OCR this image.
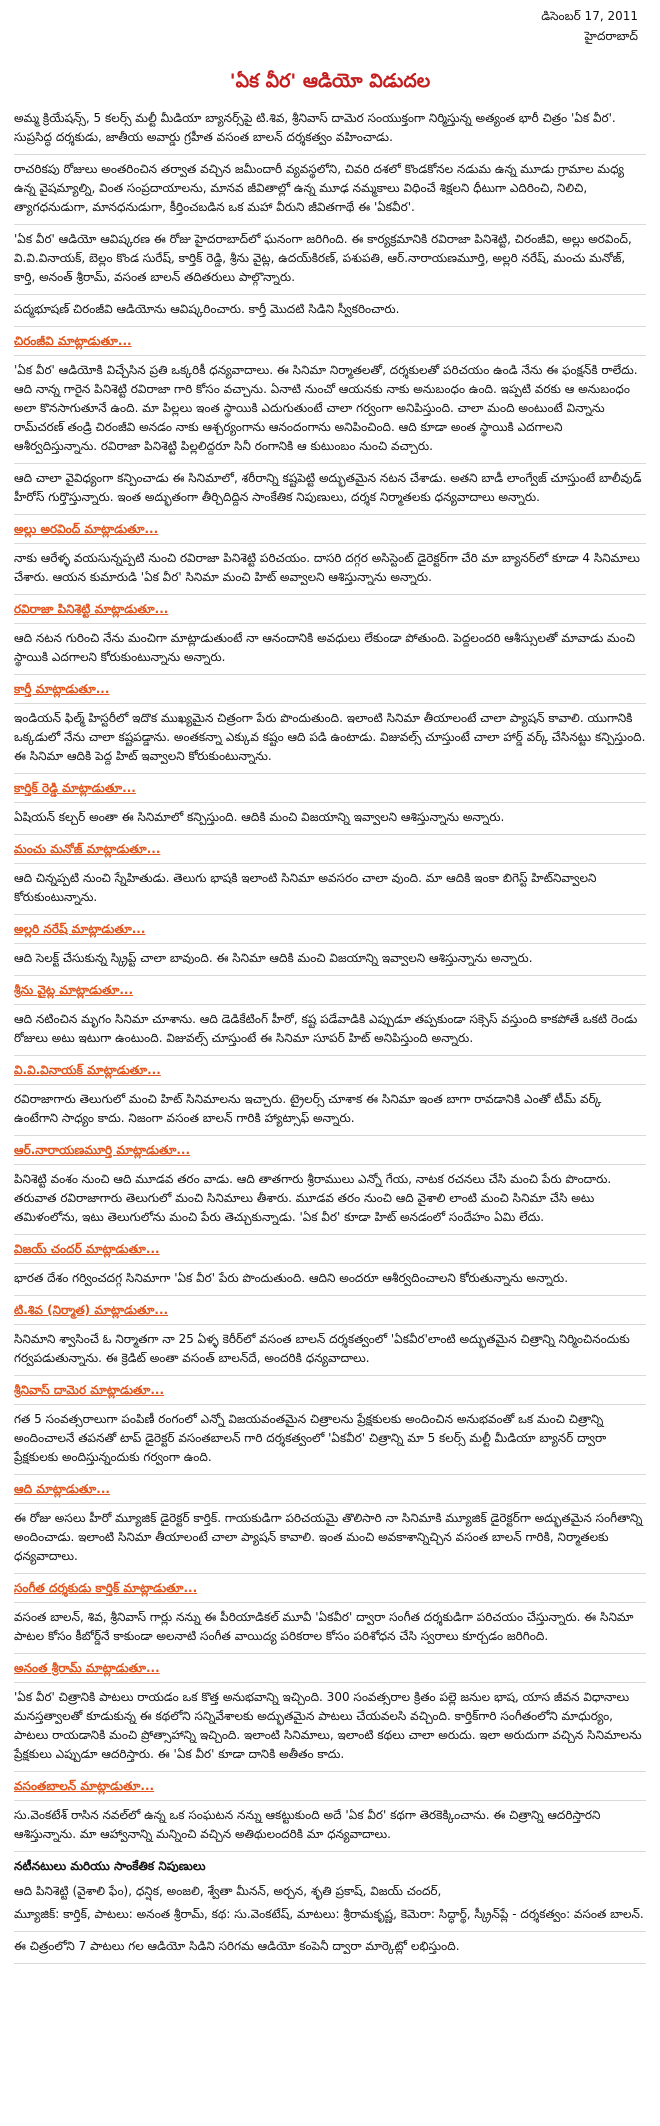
డిసెంబర్ 17, 2011
హైదరాబాద్
'ఏక వీర' ఆడియో విడుదల

అమ్మ క్రియేషన్స్, 5 కలర్స్ మల్టీ మీడియా బ్యానర్స్‌పై టి.శివ, శ్రీనివాస్ దామెర సంయుక్తంగా నిర్మిస్తున్న అత్యంత భారీ చిత్రం 'ఏక వీర'. సుప్రసిద్ధ దర్శకుడు, జాతీయ అవార్డు గ్రహీత వసంత బాలన్ దర్శకత్వం వహించాడు.

రాచరికపు రోజులు అంతరించిన తర్వాత వచ్చిన జమీందారీ వ్యవస్థలోని, చివరి దశలో కొండకోనల నడుమ ఉన్న మూడు గ్రామాల మధ్య ఉన్న వైషమ్యాల్ని, వింత సంప్రదాయాలను, మానవ జీవితాల్లో ఉన్న మూఢ నమ్మకాలు విధించే శిక్షలని ధీటుగా ఎదిరించి, నిలిచి, త్యాగధనుడుగా, మానధనుడుగా, కీర్తించబడిన ఒక మహా వీరుని జీవితగాథే ఈ 'ఏకవీర'.

'ఏక వీర' ఆడియో ఆవిష్కరణ ఈ రోజు హైదరాబాద్‌లో ఘనంగా జరిగింది. ఈ కార్యక్రమానికి రవిరాజా పినిశెట్టి, చిరంజీవి, అల్లు అరవింద్, వి.వి.వినాయక్, బెల్లం కొండ సురేష్, కార్తిక్ రెడ్డి, శ్రీను వైట్ల, ఉదయ్‌కిరణ్, పశుపతి, ఆర్.నారాయణమూర్తి, అల్లరి నరేష్, మంచు మనోజ్, కార్తి, అనంత్ శ్రీరామ్, వసంత బాలన్ తదితరులు పాల్గొన్నారు.

పద్మభూషణ్ చిరంజీవి ఆడియోను ఆవిష్కరించారు. కార్తీ మొదటి సిడిని స్వీకరించారు.

చిరంజీవి మాట్లాడుతూ...

'ఏక వీర' ఆడియోకి విచ్చేసిన ప్రతి ఒక్కరికీ ధన్యవాదాలు. ఈ సినిమా నిర్మాతలతో, దర్శకులతో పరిచయం ఉండి నేను ఈ ఫంక్షన్‌కి రాలేదు. ఆది నాన్న గారైన పినిశెట్టి రవిరాజా గారి కోసం వచ్చాను. ఏనాటి నుంచో ఆయనకు నాకు అనుబంధం ఉంది. ఇప్పటి వరకు ఆ అనుబంధం అలా కొనసాగుతూనే ఉంది. మా పిల్లలు ఇంత స్థాయికి ఎదుగుతుంటే చాలా గర్వంగా అనిపిస్తుంది. చాలా మంది అంటుంటే విన్నాను రామ్‌చరణ్ తండ్రి చిరంజీవి అనడం నాకు ఆశ్చర్యంగాను ఆనందంగాను అనిపించింది. ఆది కూడా అంత స్థాయికి ఎదగాలని ఆశీర్వదిస్తున్నాను. రవిరాజా పినిశెట్టి పిల్లలిద్దరూ సినీ రంగానికి ఆ కుటుంబం నుంచి వచ్చారు.

ఆది చాలా వైవిధ్యంగా కన్పించాడు ఈ సినిమాలో, శరీరాన్ని కష్టపెట్టి అద్భుతమైన నటన చేశాడు. అతని బాడీ లాంగ్వేజ్ చూస్తుంటే బాలీవుడ్ హీరోస్ గుర్తొస్తున్నారు. ఇంత అద్భుతంగా తీర్చిదిద్దిన సాంకేతిక నిపుణులు, దర్శక నిర్మాతలకు ధన్యవాదాలు అన్నారు.

అల్లు అరవింద్ మాట్లాడుతూ...

నాకు ఆరేళ్ళ వయసున్నప్పటి నుంచి రవిరాజా పినిశెట్టి పరిచయం. దాసరి దగ్గర అసిస్టెంట్ డైరెక్టర్‌గా చేరి మా బ్యానర్‌లో కూడా 4 సినిమాలు చేశారు. ఆయన కుమారుడి 'ఏక వీర' సినిమా మంచి హిట్ అవ్వాలని ఆశిస్తున్నాను అన్నారు.

రవిరాజా పినిశెట్టి మాట్లాడుతూ...

ఆది నటన గురించి నేను మంచిగా మాట్లాడుతుంటే నా ఆనందానికి అవధులు లేకుండా పోతుంది. పెద్దలందరి ఆశీస్సులతో మావాడు మంచి స్థాయికి ఎదగాలని కోరుకుంటున్నాను అన్నారు.

కార్తీ మాట్లాడుతూ...

ఇండియన్ ఫిల్మ్ హిస్టరీలో ఇదొక ముఖ్యమైన చిత్రంగా పేరు పొందుతుంది. ఇలాంటి సినిమా తీయాలంటే చాలా ప్యాషన్ కావాలి. యుగానికి ఒక్కడులో నేను చాలా కష్టపడ్డాను. అంతకన్నా ఎక్కువ కష్టం ఆది పడి ఉంటాడు. విజువల్స్ చూస్తుంటే చాలా హార్డ్ వర్క్ చేసినట్టు కన్పిస్తుంది. ఈ సినిమా ఆదికి పెద్ద హిట్ ఇవ్వాలని కోరుకుంటున్నాను.

కార్తిక్ రెడ్డి మాట్లాడుతూ...

ఏషియన్ కల్చర్ అంతా ఈ సినిమాలో కన్పిస్తుంది. ఆదికి మంచి విజయాన్ని ఇవ్వాలని ఆశిస్తున్నాను అన్నారు.

మంచు మనోజ్ మాట్లాడుతూ...

ఆది చిన్నప్పటి నుంచి స్నేహితుడు. తెలుగు భాషకి ఇలాంటి సినిమా అవసరం చాలా వుంది. మా ఆదికి ఇంకా బిగెస్ట్ హిట్‌నివ్వాలని కోరుకుంటున్నాను.

అల్లరి నరేష్ మాట్లాడుతూ...

ఆది సెలక్ట్ చేసుకున్న స్క్రిప్ట్ చాలా బావుంది. ఈ సినిమా ఆదికి మంచి విజయాన్ని ఇవ్వాలని ఆశిస్తున్నాను అన్నారు.

శ్రీను వైట్ల మాట్లాడుతూ...

ఆది నటించిన మృగం సినిమా చూశాను. ఆది డెడికేటింగ్ హీరో, కష్ట పడేవాడికి ఎప్పుడూ తప్పకుండా సక్సెస్ వస్తుంది కాకపోతే ఒకటి రెండు రోజులు అటు ఇటుగా ఉంటుంది. విజువల్స్ చూస్తుంటే ఈ సినిమా సూపర్ హిట్ అనిపిస్తుంది అన్నారు.

వి.వి.వినాయక్ మాట్లాడుతూ...

రవిరాజాగారు తెలుగులో మంచి హిట్ సినిమాలను ఇచ్చారు. ట్రైలర్స్ చూశాక ఈ సినిమా ఇంత బాగా రావడానికి ఎంతో టీమ్ వర్క్ ఉంటేగాని సాధ్యం కాదు. నిజంగా వసంత బాలన్ గారికి హ్యాట్సాఫ్ అన్నారు.

ఆర్.నారాయణమూర్తి మాట్లాడుతూ...

పినిశెట్టి వంశం నుంచి ఆది మూడవ తరం వాడు. ఆది తాతగారు శ్రీరాములు ఎన్నో గేయ, నాటక రచనలు చేసి మంచి పేరు పొందారు. తరువాత రవిరాజాగారు తెలుగులో మంచి సినిమాలు తీశారు. మూడవ తరం నుంచి ఆది వైశాలి లాంటి మంచి సినిమా చేసి అటు తమిళంలోను, ఇటు తెలుగులోను మంచి పేరు తెచ్చుకున్నాడు. 'ఏక వీర' కూడా హిట్ అనడంలో సందేహం ఏమి లేదు.

విజయ్ చందర్ మాట్లాడుతూ...

భారత దేశం గర్వించదగ్గ సినిమాగా 'ఏక వీర' పేరు పొందుతుంది. ఆదిని అందరూ ఆశీర్వదించాలని కోరుతున్నాను అన్నారు.

టి.శివ (నిర్మాత) మాట్లాడుతూ...

సినిమాని శ్వాసించే ఓ నిర్మాతగా నా 25 ఏళ్ళ కెరీర్‌లో వసంత బాలన్ దర్శకత్వంలో 'ఏకవీర'లాంటి అద్భుతమైన చిత్రాన్ని నిర్మించినందుకు గర్వపడుతున్నాను. ఈ క్రెడిట్ అంతా వసంత్ బాలన్‌దే, అందరికి ధన్యవాదాలు.

శ్రీనివాస్ దామెర మాట్లాడుతూ...

గత 5 సంవత్సరాలుగా పంపిణీ రంగంలో ఎన్నో విజయవంతమైన చిత్రాలను ప్రేక్షకులకు అందించిన అనుభవంతో ఒక మంచి చిత్రాన్ని అందించాలనే తపనతో టాప్ డైరెక్టర్ వసంతబాలన్ గారి దర్శకత్వంలో 'ఏకవీర' చిత్రాన్ని మా 5 కలర్స్ మల్టీ మీడియా బ్యానర్ ద్వారా ప్రేక్షకులకు అందిస్తున్నందుకు గర్వంగా ఉంది.

ఆది మాట్లాడుతూ...

ఈ రోజు అసలు హీరో మ్యూజిక్ డైరెక్టర్ కార్తిక్. గాయకుడిగా పరిచయమై తొలిసారి నా సినిమాకి మ్యూజిక్ డైరెక్టర్‌గా అద్భుతమైన సంగీతాన్ని అందించాడు. ఇలాంటి సినిమా తీయాలంటే చాలా ప్యాషన్ కావాలి. ఇంత మంచి అవకాశాన్నిచ్చిన వసంత బాలన్ గారికి, నిర్మాతలకు ధన్యవాదాలు.

సంగీత దర్శకుడు కార్తిక్ మాట్లాడుతూ...

వసంత బాలన్, శివ, శ్రీనివాస్ గార్లు నన్ను ఈ పీరియాడికల్ మూవీ 'ఏకవీర' ద్వారా సంగీత దర్శకుడిగా పరిచయం చేస్తున్నారు. ఈ సినిమా పాటల కోసం కీబోర్డ్‌నే కాకుండా అలనాటి సంగీత వాయిద్య పరికరాల కోసం పరిశోధన చేసి స్వరాలు కూర్చడం జరిగింది.

అనంత శ్రీరామ్ మాట్లాడుతూ...

'ఏక వీర' చిత్రానికి పాటలు రాయడం ఒక కొత్త అనుభవాన్ని ఇచ్చింది. 300 సంవత్సరాల క్రితం పల్లె జనుల భాష, యాస జీవన విధానాలు మనస్తత్వాలతో కూడుకున్న ఈ కథలోని సన్నివేశాలకు అద్భుతమైన పాటలు చేయవలసి వచ్చింది. కార్తిక్‌గారి సంగీతంలోని మాధుర్యం, పాటలు రాయడానికి మంచి ప్రోత్సాహాన్ని ఇచ్చింది. ఇలాంటి సినిమాలు, ఇలాంటి కథలు చాలా అరుదు. ఇలా అరుదుగా వచ్చిన సినిమాలను ప్రేక్షకులు ఎప్పుడూ ఆదరిస్తారు. ఈ 'ఏక వీర' కూడా దానికి అతీతం కాదు.

వసంతబాలన్ మాట్లాడుతూ...

సు.వెంకటేశ్ రాసిన నవల్‌లో ఉన్న ఒక సంఘటన నన్ను ఆకట్టుకుంది అదే 'ఏక వీర' కథగా తెరకెక్కించాను. ఈ చిత్రాన్ని ఆదరిస్తారని ఆశిస్తున్నాను. మా ఆహ్వానాన్ని మన్నించి వచ్చిన అతిథులందరికి మా ధన్యవాదాలు.

నటీనటులు మరియు సాంకేతిక నిపుణులు

ఆది పినిశెట్టి (వైశాలి ఫేం), ధన్షిక, అంజలి, శ్వేతా మీనన్, అర్చన, శృతి ప్రకాష్, విజయ్ చందర్,

మ్యూజిక్: కార్తిక్, పాటలు: అనంత శ్రీరామ్, కథ: సు.వెంకటేష్, మాటలు: శ్రీరామకృష్ణ, కెమెరా: సిద్ధార్థ్, స్క్రీన్‌ప్లే - దర్శకత్వం: వసంత బాలన్.

ఈ చిత్రంలోని 7 పాటలు గల ఆడియో సిడిని సరిగమ ఆడియో కంపెనీ ద్వారా మార్కెట్లో లభిస్తుంది.
